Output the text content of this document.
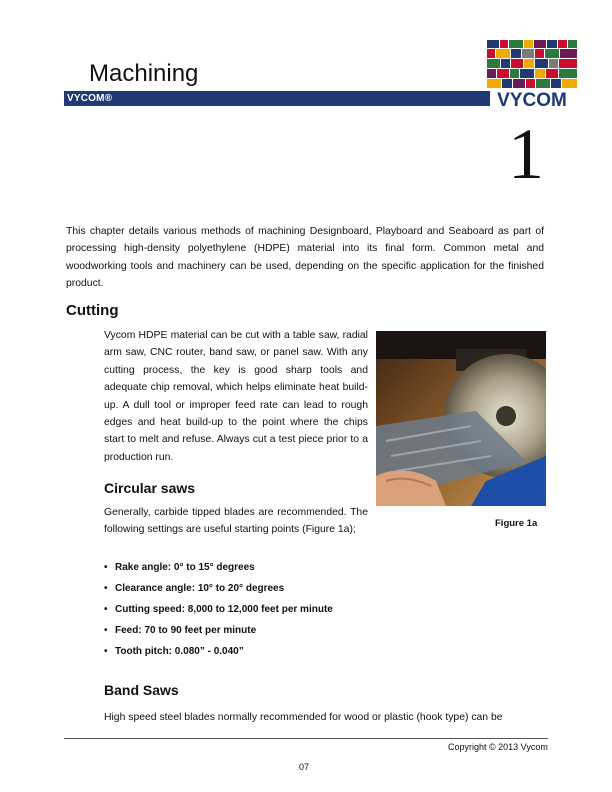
Machining
VYCOM®	VYCOM
1
This chapter details various methods of machining Designboard, Playboard and Seaboard as part of processing high-density polyethylene (HDPE) material into its final form. Common metal and woodworking tools and machinery can be used, depending on the specific application for the finished product.
Cutting
Vycom HDPE material can be cut with a table saw, radial arm saw, CNC router, band saw, or panel saw. With any cutting process, the key is good sharp tools and adequate chip removal, which helps eliminate heat build-up. A dull tool or improper feed rate can lead to rough edges and heat build-up to the point where the chips start to melt and refuse. Always cut a test piece prior to a production run.
Figure 1a
Circular saws
Generally, carbide tipped blades are recommended. The following settings are useful starting points (Figure 1a);
• Rake angle: 0° to 15° degrees
• Clearance angle: 10° to 20° degrees
• Cutting speed: 8,000 to 12,000 feet per minute
• Feed: 70 to 90 feet per minute
• Tooth pitch: 0.080” - 0.040”
Band Saws
High speed steel blades normally recommended for wood or plastic (hook type) can be
Copyright © 2013 Vycom
07
